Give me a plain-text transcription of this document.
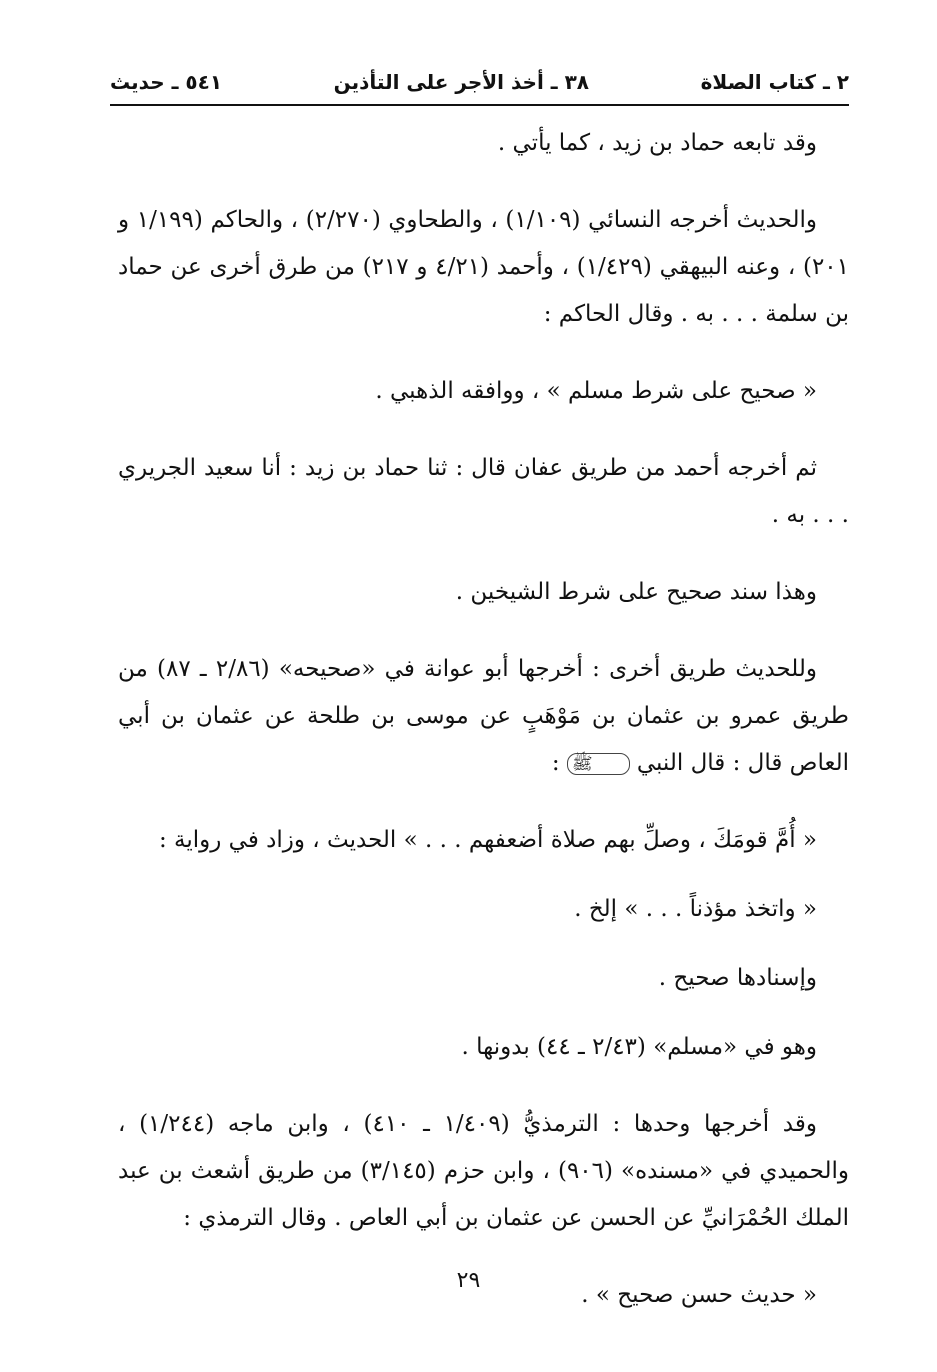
٢ ـ كتاب الصلاة
٣٨ ـ أخذ الأجر على التأذين
٥٤١ ـ حديث

وقد تابعه حماد بن زيد ، كما يأتي .

والحديث أخرجه النسائي (١/١٠٩) ، والطحاوي (٢/٢٧٠) ، والحاكم (١/١٩٩ و ٢٠١) ، وعنه البيهقي (١/٤٢٩) ، وأحمد (٤/٢١ و ٢١٧) من طرق أخرى عن حماد بن سلمة . . . به . وقال الحاكم :

« صحيح على شرط مسلم » ، ووافقه الذهبي .

ثم أخرجه أحمد من طريق عفان قال : ثنا حماد بن زيد : أنا سعيد الجريري . . . به .

وهذا سند صحيح على شرط الشيخين .

وللحديث طريق أخرى : أخرجها أبو عوانة في «صحيحه» (٢/٨٦ ـ ٨٧) من طريق عمرو بن عثمان بن مَوْهَبٍ عن موسى بن طلحة عن عثمان بن أبي العاص قال : قال النبي ﷺ :

« أُمَّ قومَكَ ، وصلِّ بهم صلاة أضعفهم . . . » الحديث ، وزاد في رواية :

« واتخذ مؤذناً . . . » إلخ .

وإسنادها صحيح .

وهو في «مسلم» (٢/٤٣ ـ ٤٤) بدونها .

وقد أخرجها وحدها : الترمذيُّ (١/٤٠٩ ـ ٤١٠) ، وابن ماجه (١/٢٤٤) ، والحميدي في «مسنده» (٩٠٦) ، وابن حزم (٣/١٤٥) من طريق أشعث بن عبد الملك الحُمْرَانيِّ عن الحسن عن عثمان بن أبي العاص . وقال الترمذي :

« حديث حسن صحيح » .

٢٩
